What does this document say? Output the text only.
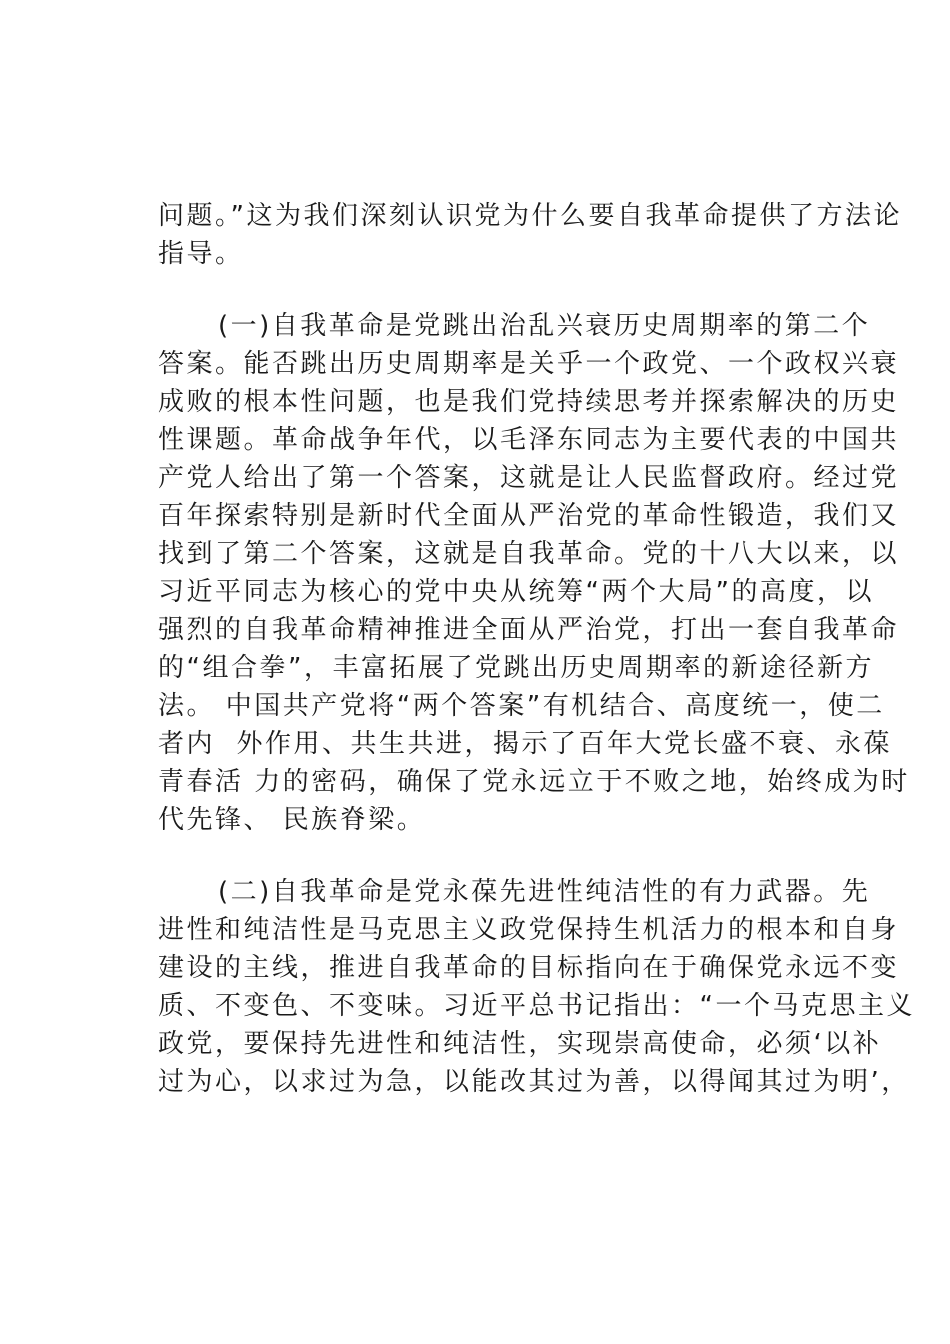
问题。”这为我们深刻认识党为什么要自我革命提供了方法论
指导。
(一)自我革命是党跳出治乱兴衰历史周期率的第二个
答案。能否跳出历史周期率是关乎一个政党、一个政权兴衰
成败的根本性问题，也是我们党持续思考并探索解决的历史
性课题。革命战争年代，以毛泽东同志为主要代表的中国共
产党人给出了第一个答案，这就是让人民监督政府。经过党
百年探索特别是新时代全面从严治党的革命性锻造，我们又
找到了第二个答案，这就是自我革命。党的十八大以来，以
习近平同志为核心的党中央从统筹“两个大局”的高度，以
强烈的自我革命精神推进全面从严治党，打出一套自我革命
的“组合拳”，丰富拓展了党跳出历史周期率的新途径新方
法。 中国共产党将“两个答案”有机结合、高度统一，使二
者内  外作用、共生共进，揭示了百年大党长盛不衰、永葆
青春活 力的密码，确保了党永远立于不败之地，始终成为时
代先锋、 民族脊梁。
(二)自我革命是党永葆先进性纯洁性的有力武器。先
进性和纯洁性是马克思主义政党保持生机活力的根本和自身
建设的主线，推进自我革命的目标指向在于确保党永远不变
质、不变色、不变味。习近平总书记指出：“一个马克思主义
政党，要保持先进性和纯洁性，实现崇高使命，必须‘以补
过为心，以求过为急，以能改其过为善，以得闻其过为明’，
